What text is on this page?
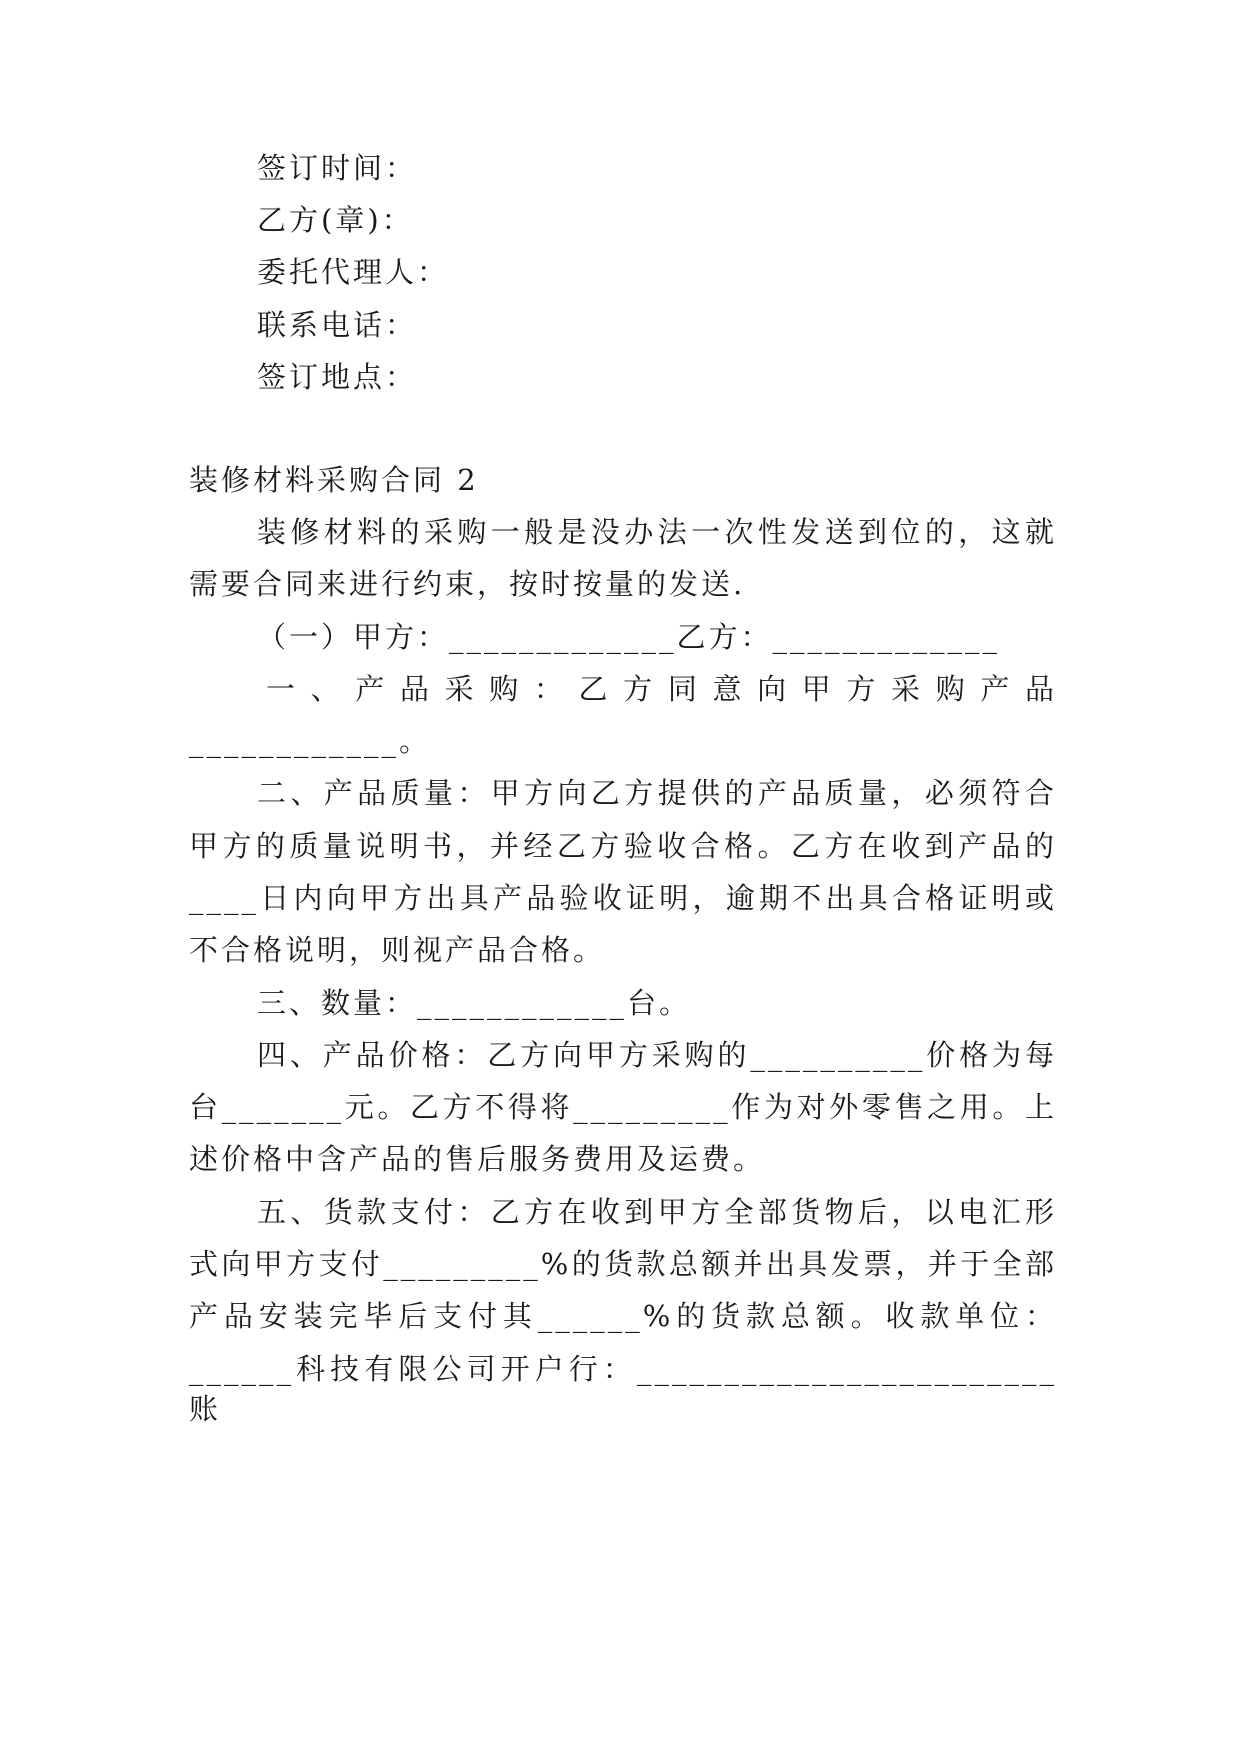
签订时间：

乙方(章)：

委托代理人：

联系电话：

签订地点：

装修材料采购合同 2

装修材料的采购一般是没办法一次性发送到位的，这就

需要合同来进行约束，按时按量的发送.

（一）甲方：_____________乙方：_____________

一、产品采购：乙方同意向甲方采购产品

____________。

二、产品质量：甲方向乙方提供的产品质量，必须符合

甲方的质量说明书，并经乙方验收合格。乙方在收到产品的

____日内向甲方出具产品验收证明，逾期不出具合格证明或

不合格说明，则视产品合格。

三、数量：____________台。

四、产品价格：乙方向甲方采购的__________价格为每

台_______元。乙方不得将_________作为对外零售之用。上

述价格中含产品的售后服务费用及运费。

五、货款支付：乙方在收到甲方全部货物后，以电汇形

式向甲方支付_________%的货款总额并出具发票，并于全部

产品安装完毕后支付其______%的货款总额。收款单位：

______科技有限公司开户行：________________________账
